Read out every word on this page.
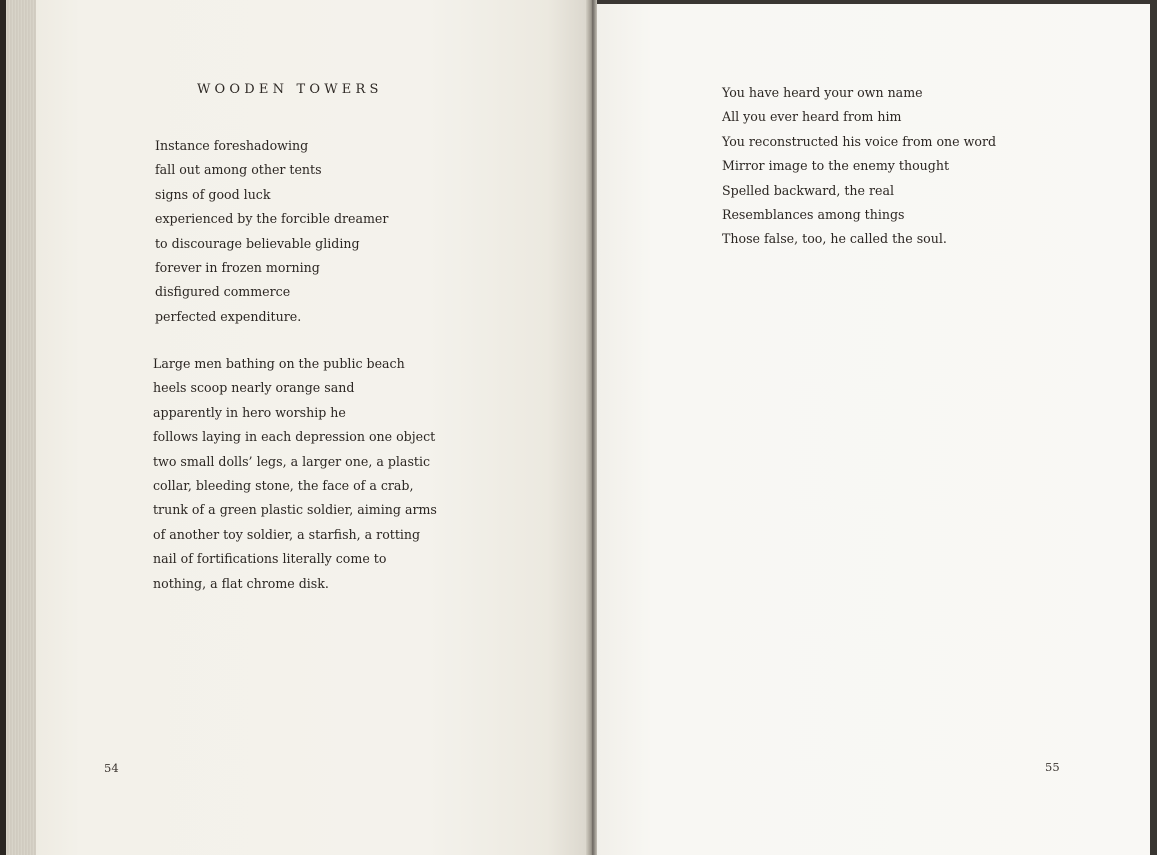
WOODEN TOWERS
Instance foreshadowing
fall out among other tents
signs of good luck
experienced by the forcible dreamer
to discourage believable gliding
forever in frozen morning
disfigured commerce
perfected expenditure.
Large men bathing on the public beach
heels scoop nearly orange sand
apparently in hero worship he
follows laying in each depression one object
two small dolls’ legs, a larger one, a plastic
collar, bleeding stone, the face of a crab,
trunk of a green plastic soldier, aiming arms
of another toy soldier, a starfish, a rotting
nail of fortifications literally come to
nothing, a flat chrome disk.
54
You have heard your own name
All you ever heard from him
You reconstructed his voice from one word
Mirror image to the enemy thought
Spelled backward, the real
Resemblances among things
Those false, too, he called the soul.
55
